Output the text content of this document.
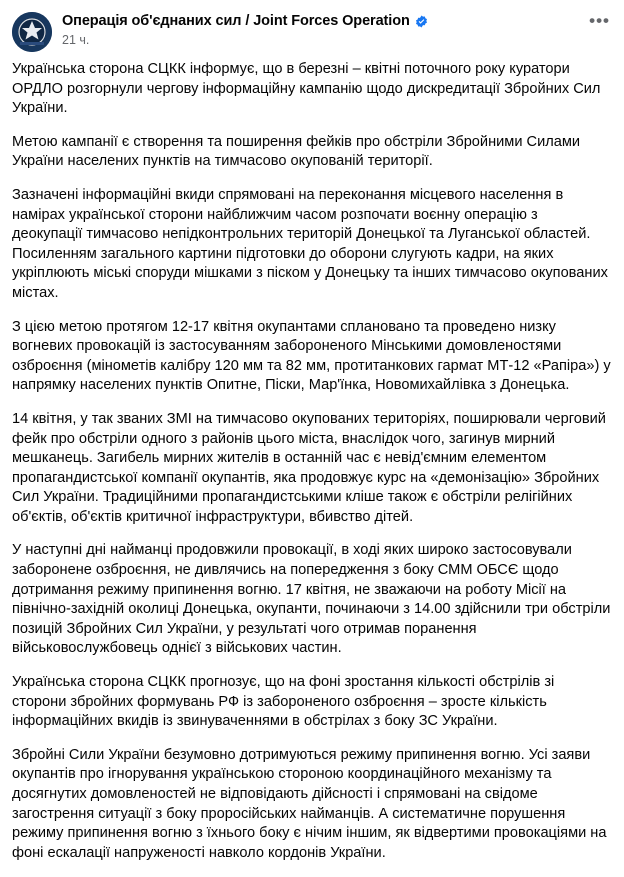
Операція об'єднаних сил / Joint Forces Operation
21 ч.
•••

Українська сторона СЦКК інформує, що в березні – квітні поточного року куратори ОРДЛО розгорнули чергову інформаційну кампанію щодо дискредитації Збройних Сил України.

Метою кампанії є створення та поширення фейків про обстріли Збройними Силами України населених пунктів на тимчасово окупованій території.

Зазначені інформаційні вкиди спрямовані на переконання місцевого населення в намірах української сторони найближчим часом розпочати воєнну операцію з деокупації тимчасово непідконтрольних територій Донецької та Луганської областей. Посиленням загального картини підготовки до оборони слугують кадри, на яких укріплюють міські споруди мішками з піском у Донецьку та інших тимчасово окупованих містах.

З цією метою протягом 12-17 квітня окупантами сплановано та проведено низку вогневих провокацій із застосуванням забороненого Мінськими домовленостями озброєння (мінометів калібру 120 мм та 82 мм, протитанкових гармат МТ-12 «Рапіра») у напрямку населених пунктів Опитне, Піски, Мар'їнка, Новомихайлівка з Донецька.

14 квітня, у так званих ЗМІ на тимчасово окупованих територіях, поширювали черговий фейк про обстріли одного з районів цього міста, внаслідок чого, загинув мирний мешканець. Загибель мирних жителів в останній час є невід'ємним елементом пропагандистської компанії окупантів, яка продовжує курс на «демонізацію» Збройних Сил України. Традиційними пропагандистськими кліше також є обстріли релігійних об'єктів, об'єктів критичної інфраструктури, вбивство дітей.

У наступні дні найманці продовжили провокації, в ході яких широко застосовували заборонене озброєння, не дивлячись на попередження з боку СММ ОБСЄ щодо дотримання режиму припинення вогню. 17 квітня, не зважаючи на роботу Місії на північно-західній околиці Донецька, окупанти, починаючи з 14.00 здійснили три обстріли позицій Збройних Сил України, у результаті чого отримав поранення військовослужбовець однієї з військових частин.

Українська сторона СЦКК прогнозує, що на фоні зростання кількості обстрілів зі сторони збройних формувань РФ із забороненого озброєння – зросте кількість інформаційних вкидів із звинуваченнями в обстрілах з боку ЗС України.

Збройні Сили України безумовно дотримуються режиму припинення вогню. Усі заяви окупантів про ігнорування українською стороною координаційного механізму та досягнутих домовленостей не відповідають дійсності і спрямовані на свідоме загострення ситуації з боку проросійських найманців. А систематичне порушення режиму припинення вогню з їхнього боку є нічим іншим, як відвертими провокаціями на фоні ескалації напруженості навколо кордонів України.
